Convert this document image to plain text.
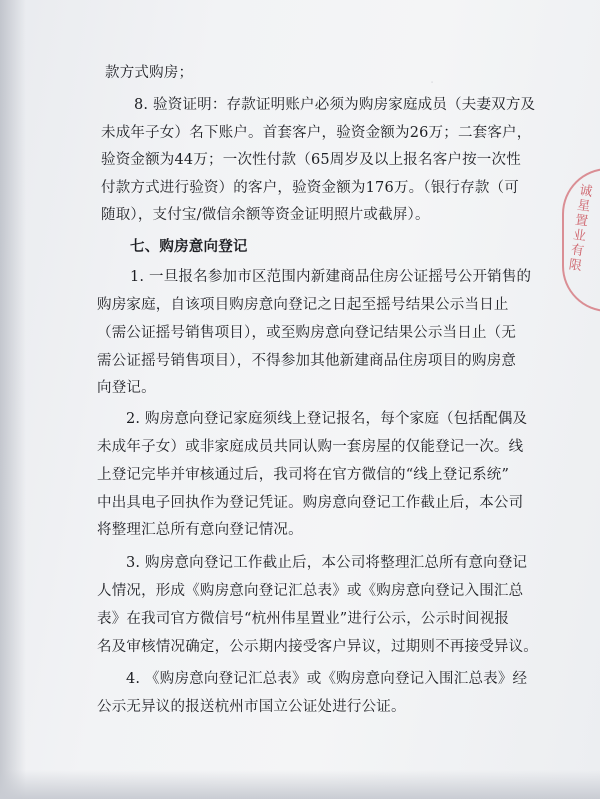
.

款方式购房；

8. 验资证明：存款证明账户必须为购房家庭成员（夫妻双方及

未成年子女）名下账户。首套客户，验资金额为26万；二套客户，

验资金额为44万；一次性付款（65周岁及以上报名客户按一次性

付款方式进行验资）的客户，验资金额为176万。（银行存款（可

随取），支付宝/微信余额等资金证明照片或截屏）。

七、购房意向登记

1. 一旦报名参加市区范围内新建商品住房公证摇号公开销售的

购房家庭，自该项目购房意向登记之日起至摇号结果公示当日止

（需公证摇号销售项目），或至购房意向登记结果公示当日止（无

需公证摇号销售项目），不得参加其他新建商品住房项目的购房意

向登记。

2. 购房意向登记家庭须线上登记报名，每个家庭（包括配偶及

未成年子女）或非家庭成员共同认购一套房屋的仅能登记一次。线

上登记完毕并审核通过后，我司将在官方微信的“线上登记系统”

中出具电子回执作为登记凭证。购房意向登记工作截止后，本公司

将整理汇总所有意向登记情况。

3. 购房意向登记工作截止后，本公司将整理汇总所有意向登记

人情况，形成《购房意向登记汇总表》或《购房意向登记入围汇总

表》在我司官方微信号“杭州伟星置业”进行公示，公示时间视报

名及审核情况确定，公示期内接受客户异议，过期则不再接受异议。

4. 《购房意向登记汇总表》或《购房意向登记入围汇总表》经

公示无异议的报送杭州市国立公证处进行公证。

诚星置业有限
